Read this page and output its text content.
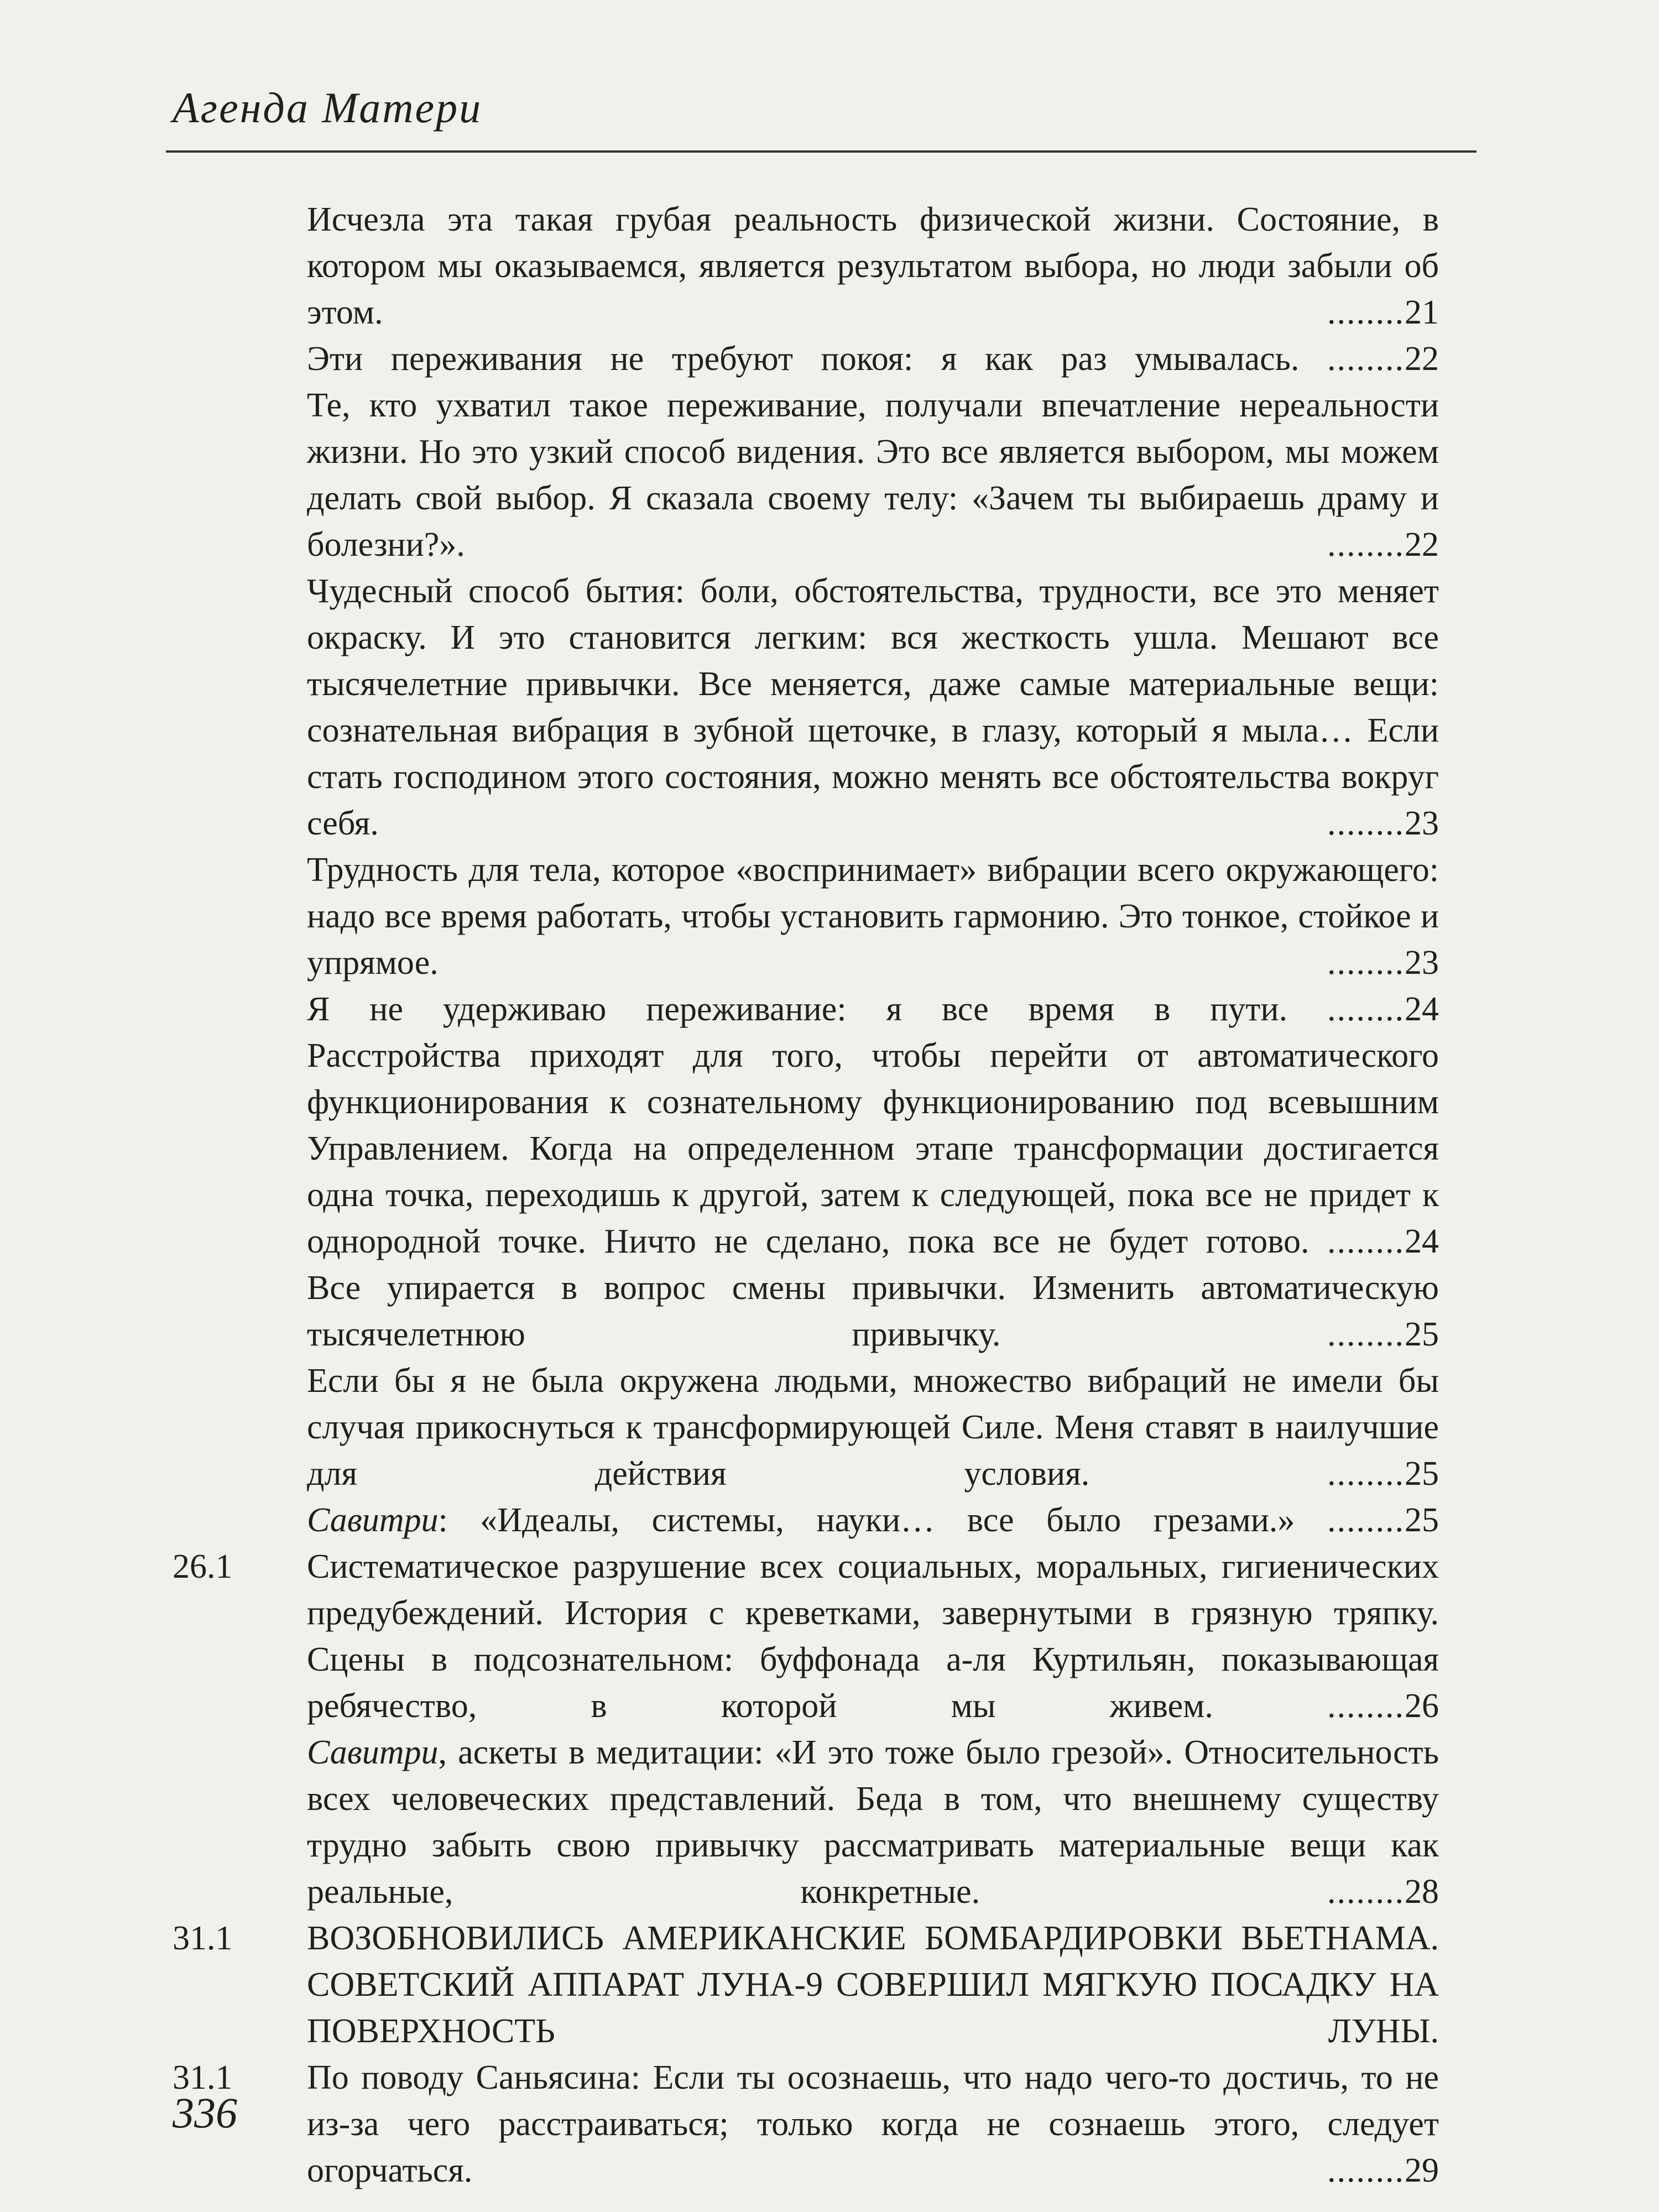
Агенда Матери
Исчезла эта такая грубая реальность физической жизни. Состояние, в котором мы оказываемся, является результатом выбора, но люди забыли об этом. ........21
Эти переживания не требуют покоя: я как раз умывалась. ........22
Те, кто ухватил такое переживание, получали впечатление нереальности жизни. Но это узкий способ видения. Это все является выбором, мы можем делать свой выбор. Я сказала своему телу: «Зачем ты выбираешь драму и болезни?». ........22
Чудесный способ бытия: боли, обстоятельства, трудности, все это меняет окраску. И это становится легким: вся жесткость ушла. Мешают все тысячелетние привычки. Все меняется, даже самые материальные вещи: сознательная вибрация в зубной щеточке, в глазу, который я мыла… Если стать господином этого состояния, можно менять все обстоятельства вокруг себя. ........23
Трудность для тела, которое «воспринимает» вибрации всего окружающего: надо все время работать, чтобы установить гармонию. Это тонкое, стойкое и упрямое. ........23
Я не удерживаю переживание: я все время в пути. ........24
Расстройства приходят для того, чтобы перейти от автоматического функционирования к сознательному функционированию под всевышним Управлением. Когда на определенном этапе трансформации достигается одна точка, переходишь к другой, затем к следующей, пока все не придет к однородной точке. Ничто не сделано, пока все не будет готово. ........24
Все упирается в вопрос смены привычки. Изменить автоматическую тысячелетнюю привычку. ........25
Если бы я не была окружена людьми, множество вибраций не имели бы случая прикоснуться к трансформирующей Силе. Меня ставят в наилучшие для действия условия. ........25
Савитри: «Идеалы, системы, науки… все было грезами.» ........25
26.1	Систематическое разрушение всех социальных, моральных, гигиенических предубеждений. История с креветками, завернутыми в грязную тряпку. Сцены в подсознательном: буффонада а-ля Куртильян, показывающая ребячество, в которой мы живем. ........26
Савитри, аскеты в медитации: «И это тоже было грезой». Относительность всех человеческих представлений. Беда в том, что внешнему существу трудно забыть свою привычку рассматривать материальные вещи как реальные, конкретные. ........28
31.1	ВОЗОБНОВИЛИСЬ АМЕРИКАНСКИЕ БОМБАРДИРОВКИ ВЬЕТНАМА.
СОВЕТСКИЙ АППАРАТ ЛУНА-9 СОВЕРШИЛ МЯГКУЮ ПОСАДКУ НА ПОВЕРХНОСТЬ ЛУНЫ.
31.1	По поводу Саньясина: Если ты осознаешь, что надо чего-то достичь, то не из-за чего расстраиваться; только когда не сознаешь этого, следует огорчаться. ........29
336
